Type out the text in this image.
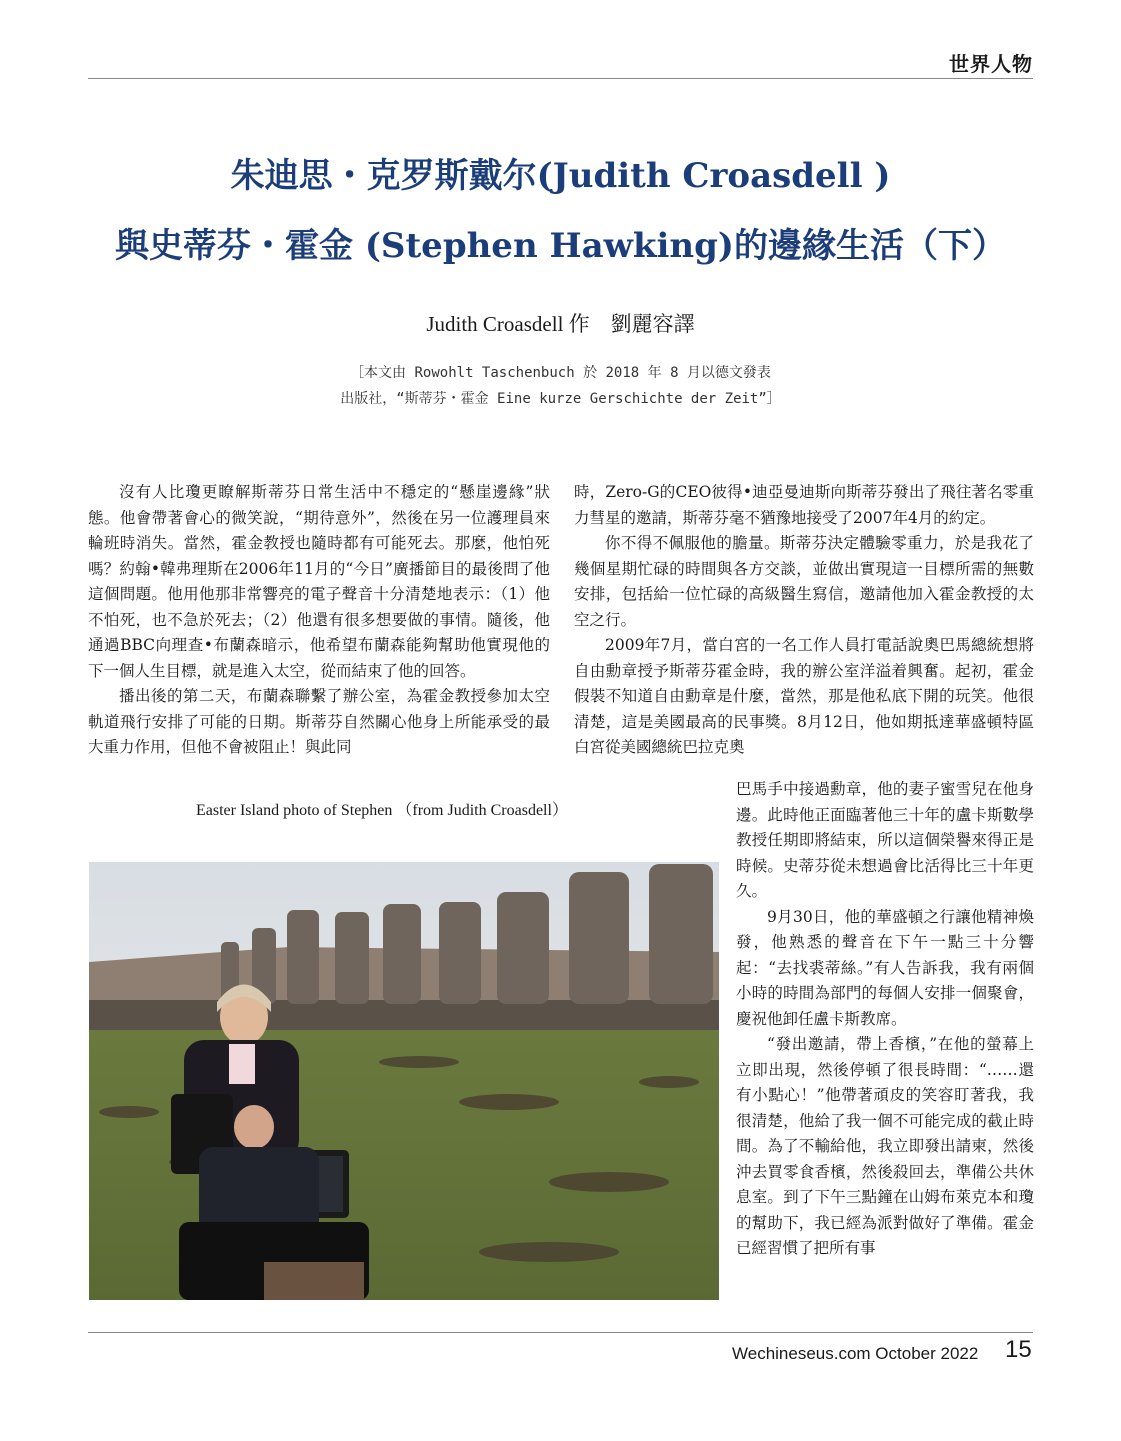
世界人物
朱迪思・克罗斯戴尔(Judith Croasdell )
與史蒂芬・霍金 (Stephen Hawking)的邊緣生活（下）
Judith Croasdell 作　劉麗容譯
［本文由 Rowohlt Taschenbuch 於 2018 年 8 月以德文發表
出版社，“斯蒂芬・霍金 Eine kurze Gerschichte der Zeit”］

沒有人比瓊更瞭解斯蒂芬日常生活中不穩定的“懸崖邊緣”狀態。他會帶著會心的微笑說，“期待意外”，然後在另一位護理員來輪班時消失。當然，霍金教授也隨時都有可能死去。那麼，他怕死嗎？約翰•韓弗理斯在2006年11月的“今日”廣播節目的最後問了他這個問題。他用他那非常響亮的電子聲音十分清楚地表示：（1）他不怕死，也不急於死去；（2）他還有很多想要做的事情。隨後，他通過BBC向理查•布蘭森暗示，他希望布蘭森能夠幫助他實現他的下一個人生目標，就是進入太空，從而結束了他的回答。

播出後的第二天，布蘭森聯繫了辦公室，為霍金教授參加太空軌道飛行安排了可能的日期。斯蒂芬自然關心他身上所能承受的最大重力作用，但他不會被阻止！與此同

時，Zero-G的CEO彼得•迪亞曼迪斯向斯蒂芬發出了飛往著名零重力彗星的邀請，斯蒂芬毫不猶豫地接受了2007年4月的約定。

你不得不佩服他的膽量。斯蒂芬決定體驗零重力，於是我花了幾個星期忙碌的時間與各方交談，並做出實現這一目標所需的無數安排，包括給一位忙碌的高級醫生寫信，邀請他加入霍金教授的太空之行。

2009年7月，當白宮的一名工作人員打電話說奧巴馬總統想將自由勳章授予斯蒂芬霍金時，我的辦公室洋溢着興奮。起初，霍金假裝不知道自由勳章是什麼，當然，那是他私底下開的玩笑。他很清楚，這是美國最高的民事獎。8月12日，他如期抵達華盛頓特區白宮從美國總統巴拉克奧

Easter Island photo of Stephen （from Judith Croasdell）

巴馬手中接過勳章，他的妻子蜜雪兒在他身邊。此時他正面臨著他三十年的盧卡斯數學教授任期即將結束，所以這個榮譽來得正是時候。史蒂芬從未想過會比活得比三十年更久。

9月30日，他的華盛頓之行讓他精神煥發，他熟悉的聲音在下午一點三十分響起：“去找裘蒂絲。”有人告訴我，我有兩個小時的時間為部門的每個人安排一個聚會，慶祝他卸任盧卡斯教席。

“發出邀請，帶上香檳，”在他的螢幕上立即出現，然後停頓了很長時間：“……還有小點心！”他帶著頑皮的笑容盯著我，我很清楚，他給了我一個不可能完成的截止時間。為了不輸給他，我立即發出請柬，然後沖去買零食香檳，然後殺回去，準備公共休息室。到了下午三點鐘在山姆布萊克本和瓊的幫助下，我已經為派對做好了準備。霍金已經習慣了把所有事

Wechineseus.com October 2022 15
